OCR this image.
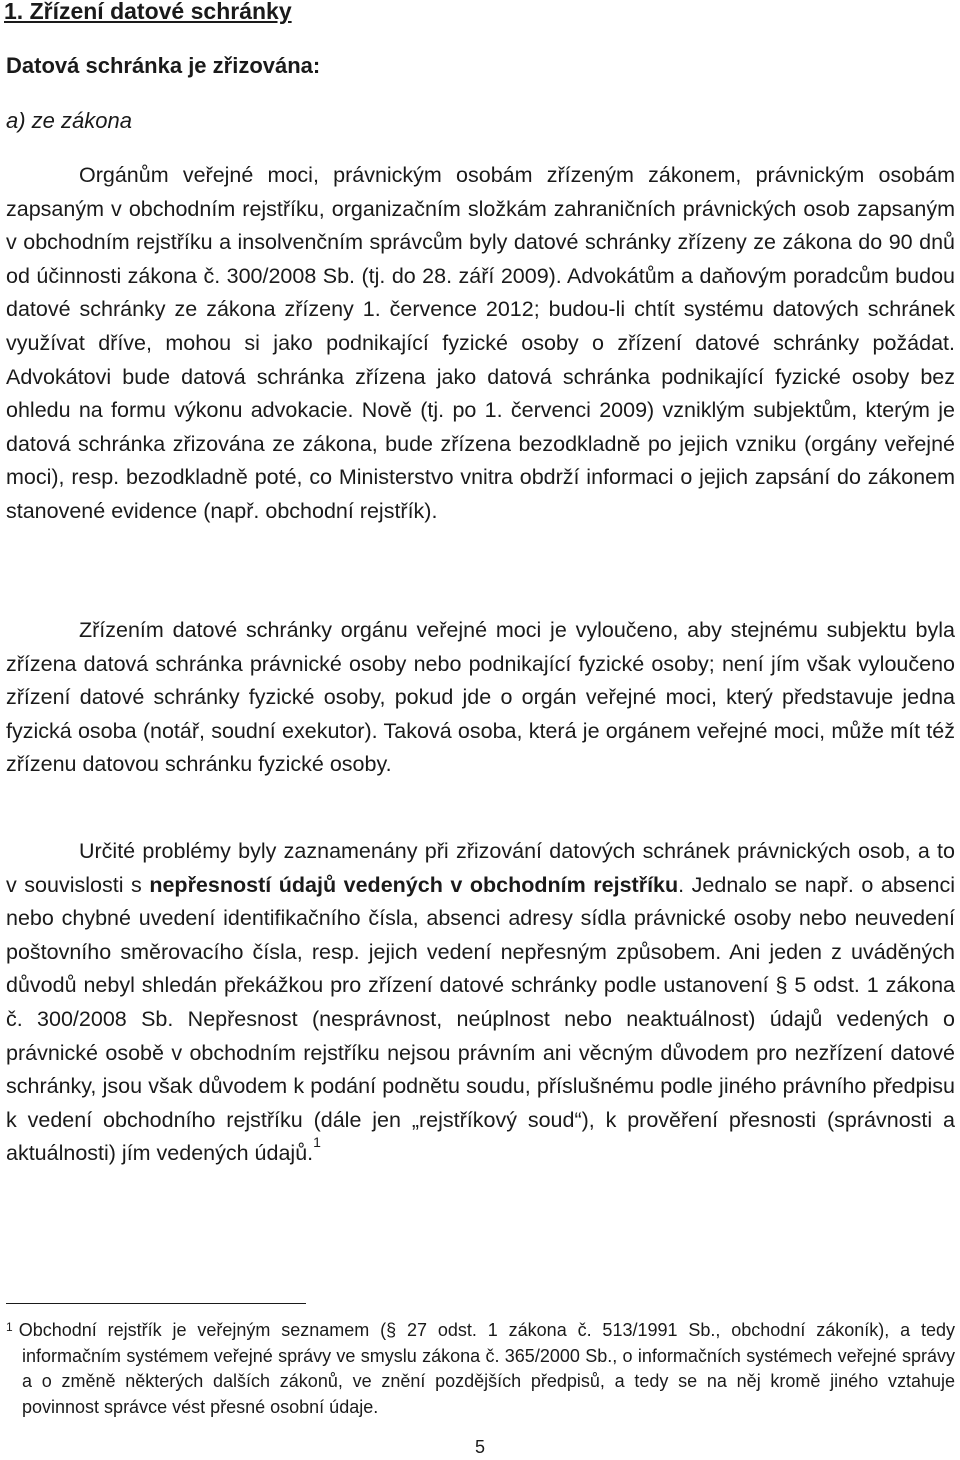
1. Zřízení datové schránky
Datová schránka je zřizována:
a) ze zákona

Orgánům veřejné moci, právnickým osobám zřízeným zákonem, právnickým osobám zapsaným v obchodním rejstříku, organizačním složkám zahraničních právnických osob zapsaným v obchodním rejstříku a insolvenčním správcům byly datové schránky zřízeny ze zákona do 90 dnů od účinnosti zákona č. 300/2008 Sb. (tj. do 28. září 2009). Advokátům a daňovým poradcům budou datové schránky ze zákona zřízeny 1. července 2012; budou-li chtít systému datových schránek využívat dříve, mohou si jako podnikající fyzické osoby o zřízení datové schránky požádat. Advokátovi bude datová schránka zřízena jako datová schránka podnikající fyzické osoby bez ohledu na formu výkonu advokacie. Nově (tj. po 1. červenci 2009) vzniklým subjektům, kterým je datová schránka zřizována ze zákona, bude zřízena bezodkladně po jejich vzniku (orgány veřejné moci), resp. bezodkladně poté, co Ministerstvo vnitra obdrží informaci o jejich zapsání do zákonem stanovené evidence (např. obchodní rejstřík).

Zřízením datové schránky orgánu veřejné moci je vyloučeno, aby stejnému subjektu byla zřízena datová schránka právnické osoby nebo podnikající fyzické osoby; není jím však vyloučeno zřízení datové schránky fyzické osoby, pokud jde o orgán veřejné moci, který představuje jedna fyzická osoba (notář, soudní exekutor). Taková osoba, která je orgánem veřejné moci, může mít též zřízenu datovou schránku fyzické osoby.

Určité problémy byly zaznamenány při zřizování datových schránek právnických osob, a to v souvislosti s nepřesností údajů vedených v obchodním rejstříku. Jednalo se např. o absenci nebo chybné uvedení identifikačního čísla, absenci adresy sídla právnické osoby nebo neuvedení poštovního směrovacího čísla, resp. jejich vedení nepřesným způsobem. Ani jeden z uváděných důvodů nebyl shledán překážkou pro zřízení datové schránky podle ustanovení § 5 odst. 1 zákona č. 300/2008 Sb. Nepřesnost (nesprávnost, neúplnost nebo neaktuálnost) údajů vedených o právnické osobě v obchodním rejstříku nejsou právním ani věcným důvodem pro nezřízení datové schránky, jsou však důvodem k podání podnětu soudu, příslušnému podle jiného právního předpisu k vedení obchodního rejstříku (dále jen „rejstříkový soud“), k prověření přesnosti (správnosti a aktuálnosti) jím vedených údajů.$^1$

$^1$ Obchodní rejstřík je veřejným seznamem (§ 27 odst. 1 zákona č. 513/1991 Sb., obchodní zákoník), a tedy informačním systémem veřejné správy ve smyslu zákona č. 365/2000 Sb., o informačních systémech veřejné správy a o změně některých dalších zákonů, ve znění pozdějších předpisů, a tedy se na něj kromě jiného vztahuje povinnost správce vést přesné osobní údaje.

5
